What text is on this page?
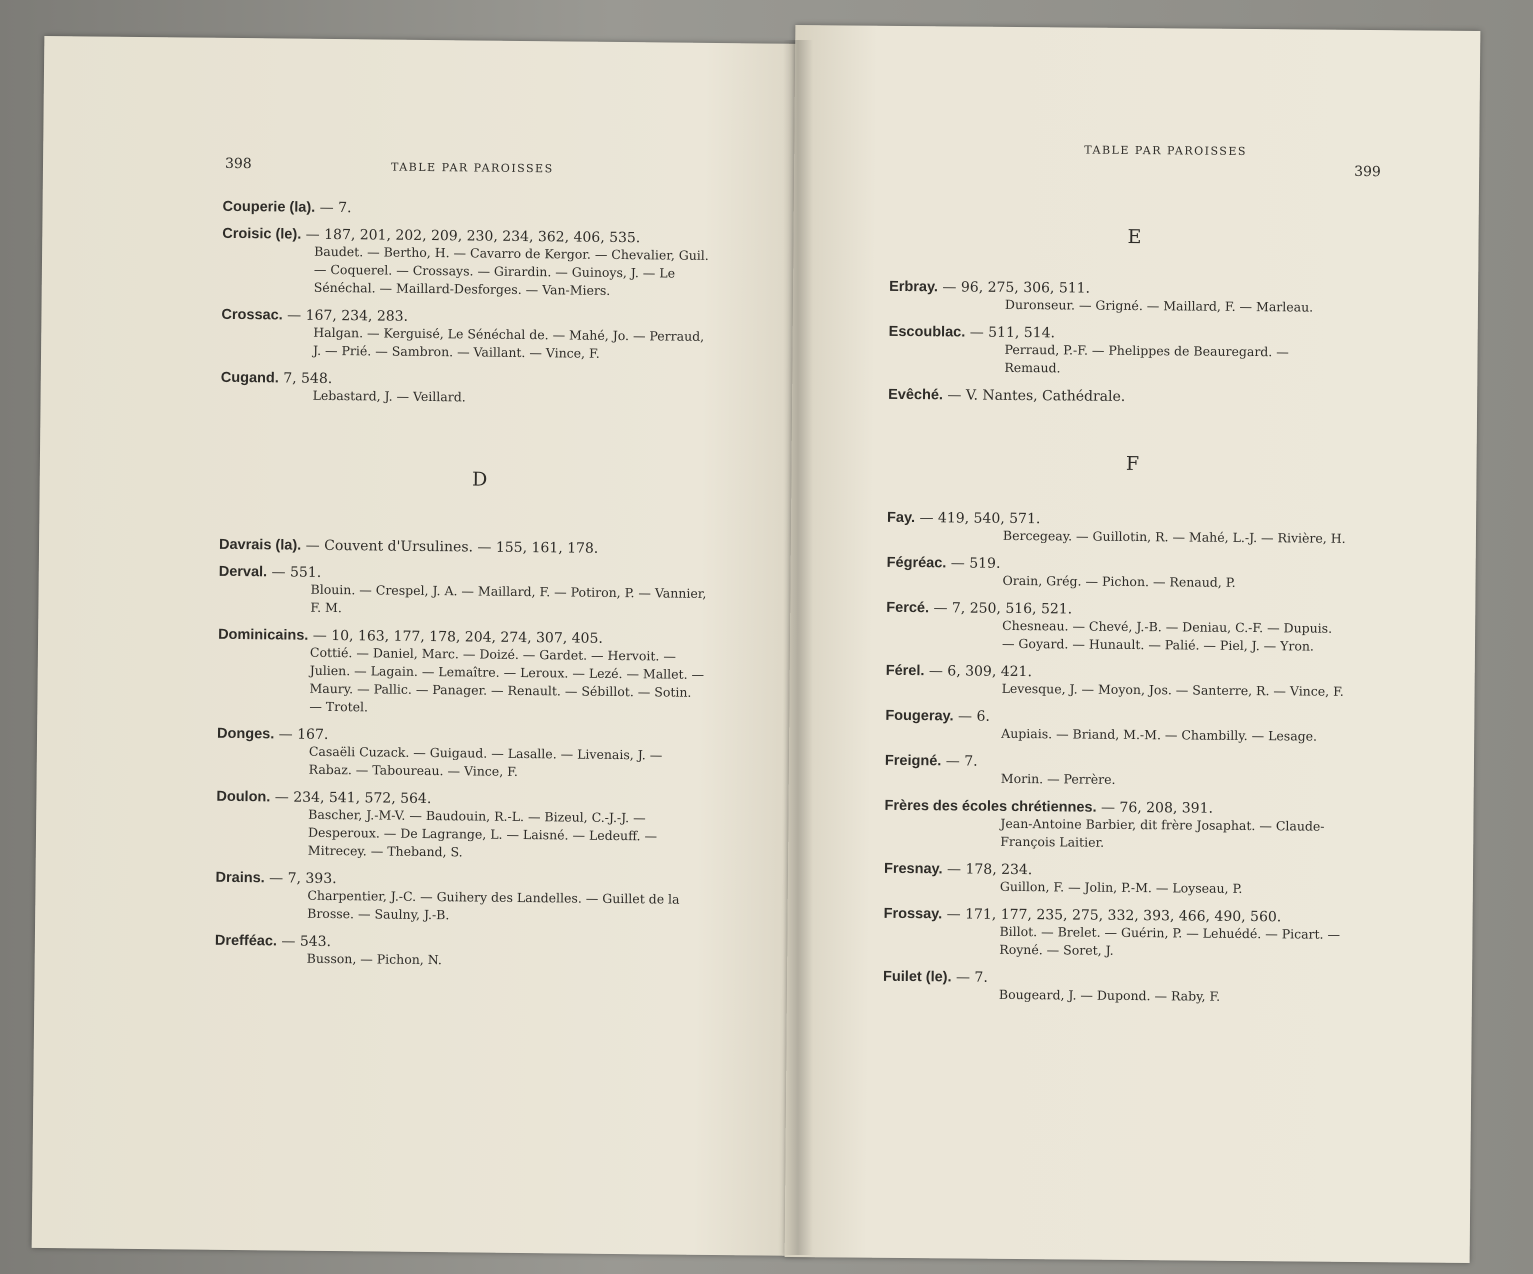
398	TABLE PAR PAROISSES
Couperie (la). — 7.
Croisic (le). — 187, 201, 202, 209, 230, 234, 362, 406, 535.
Baudet. — Bertho, H. — Cavarro de Kergor. — Chevalier, Guil. — Coquerel. — Crossays. — Girardin. — Guinoys, J. — Le Sénéchal. — Maillard-Desforges. — Van-Miers.
Crossac. — 167, 234, 283.
Halgan. — Kerguisé, Le Sénéchal de. — Mahé, Jo. — Perraud, J. — Prié. — Sambron. — Vaillant. — Vince, F.
Cugand. 7, 548.
Lebastard, J. — Veillard.
D
Davrais (la). — Couvent d'Ursulines. — 155, 161, 178.
Derval. — 551.
Blouin. — Crespel, J. A. — Maillard, F. — Potiron, P. — Vannier, F. M.
Dominicains. — 10, 163, 177, 178, 204, 274, 307, 405.
Cottié. — Daniel, Marc. — Doizé. — Gardet. — Hervoit. — Julien. — Lagain. — Lemaître. — Leroux. — Lezé. — Mallet. — Maury. — Pallic. — Panager. — Renault. — Sébillot. — Sotin. — Trotel.
Donges. — 167.
Casaëli Cuzack. — Guigaud. — Lasalle. — Livenais, J. — Rabaz. — Taboureau. — Vince, F.
Doulon. — 234, 541, 572, 564.
Bascher, J.-M-V. — Baudouin, R.-L. — Bizeul, C.-J.-J. — Desperoux. — De Lagrange, L. — Laisné. — Ledeuff. — Mitrecey. — Theband, S.
Drains. — 7, 393.
Charpentier, J.-C. — Guihery des Landelles. — Guillet de la Brosse. — Saulny, J.-B.
Drefféac. — 543.
Busson, — Pichon, N.
TABLE PAR PAROISSES
399
E
Erbray. — 96, 275, 306, 511.
Duronseur. — Grigné. — Maillard, F. — Marleau.
Escoublac. — 511, 514.
Perraud, P.-F. — Phelippes de Beauregard. — Remaud.
Evêché. — V. Nantes, Cathédrale.
F
Fay. — 419, 540, 571.
Bercegeay. — Guillotin, R. — Mahé, L.-J. — Rivière, H.
Fégréac. — 519.
Orain, Grég. — Pichon. — Renaud, P.
Fercé. — 7, 250, 516, 521.
Chesneau. — Chevé, J.-B. — Deniau, C.-F. — Dupuis. — Goyard. — Hunault. — Palié. — Piel, J. — Yron.
Férel. — 6, 309, 421.
Levesque, J. — Moyon, Jos. — Santerre, R. — Vince, F.
Fougeray. — 6.
Aupiais. — Briand, M.-M. — Chambilly. — Lesage.
Freigné. — 7.
Morin. — Perrère.
Frères des écoles chrétiennes. — 76, 208, 391.
Jean-Antoine Barbier, dit frère Josaphat. — Claude-François Laitier.
Fresnay. — 178, 234.
Guillon, F. — Jolin, P.-M. — Loyseau, P.
Frossay. — 171, 177, 235, 275, 332, 393, 466, 490, 560.
Billot. — Brelet. — Guérin, P. — Lehuédé. — Picart. — Royné. — Soret, J.
Fuilet (le). — 7.
Bougeard, J. — Dupond. — Raby, F.
